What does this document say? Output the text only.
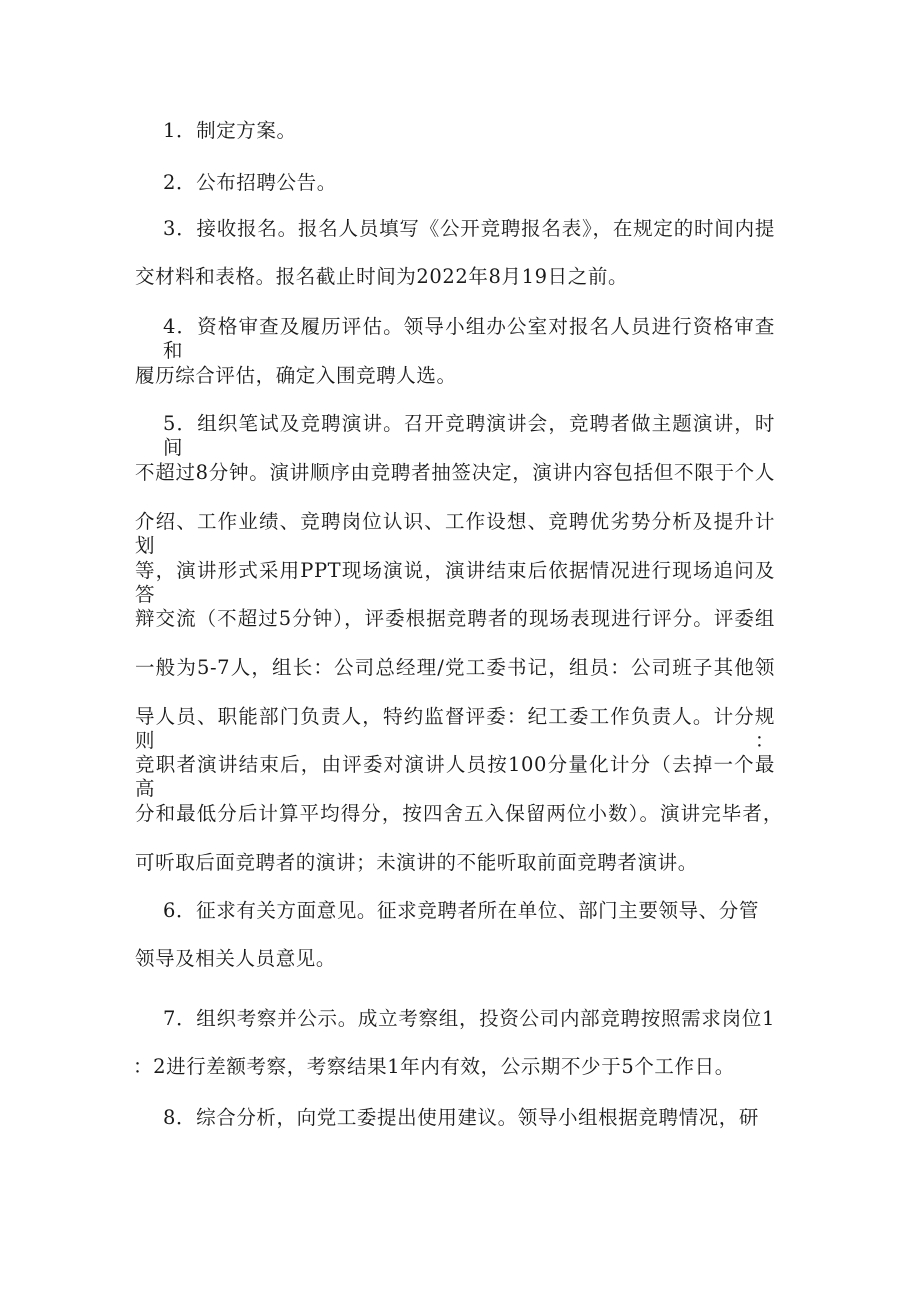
1．制定方案。
2．公布招聘公告。
3．接收报名。报名人员填写《公开竞聘报名表》，在规定的时间内提
交材料和表格。报名截止时间为2022年8月19日之前。
4．资格审查及履历评估。领导小组办公室对报名人员进行资格审查和
履历综合评估，确定入围竞聘人选。
5．组织笔试及竞聘演讲。召开竞聘演讲会，竞聘者做主题演讲，时间
不超过8分钟。演讲顺序由竞聘者抽签决定，演讲内容包括但不限于个人
介绍、工作业绩、竞聘岗位认识、工作设想、竞聘优劣势分析及提升计划
等，演讲形式采用PPT现场演说，演讲结束后依据情况进行现场追问及答
辩交流（不超过5分钟），评委根据竞聘者的现场表现进行评分。评委组
一般为5-7人，组长：公司总经理/党工委书记，组员：公司班子其他领
导人员、职能部门负责人，特约监督评委：纪工委工作负责人。计分规则：
竞职者演讲结束后，由评委对演讲人员按100分量化计分（去掉一个最高
分和最低分后计算平均得分，按四舍五入保留两位小数）。演讲完毕者，
可听取后面竞聘者的演讲；未演讲的不能听取前面竞聘者演讲。
6．征求有关方面意见。征求竞聘者所在单位、部门主要领导、分管
领导及相关人员意见。
7．组织考察并公示。成立考察组，投资公司内部竞聘按照需求岗位1
：2进行差额考察，考察结果1年内有效，公示期不少于5个工作日。
8．综合分析，向党工委提出使用建议。领导小组根据竞聘情况，研
